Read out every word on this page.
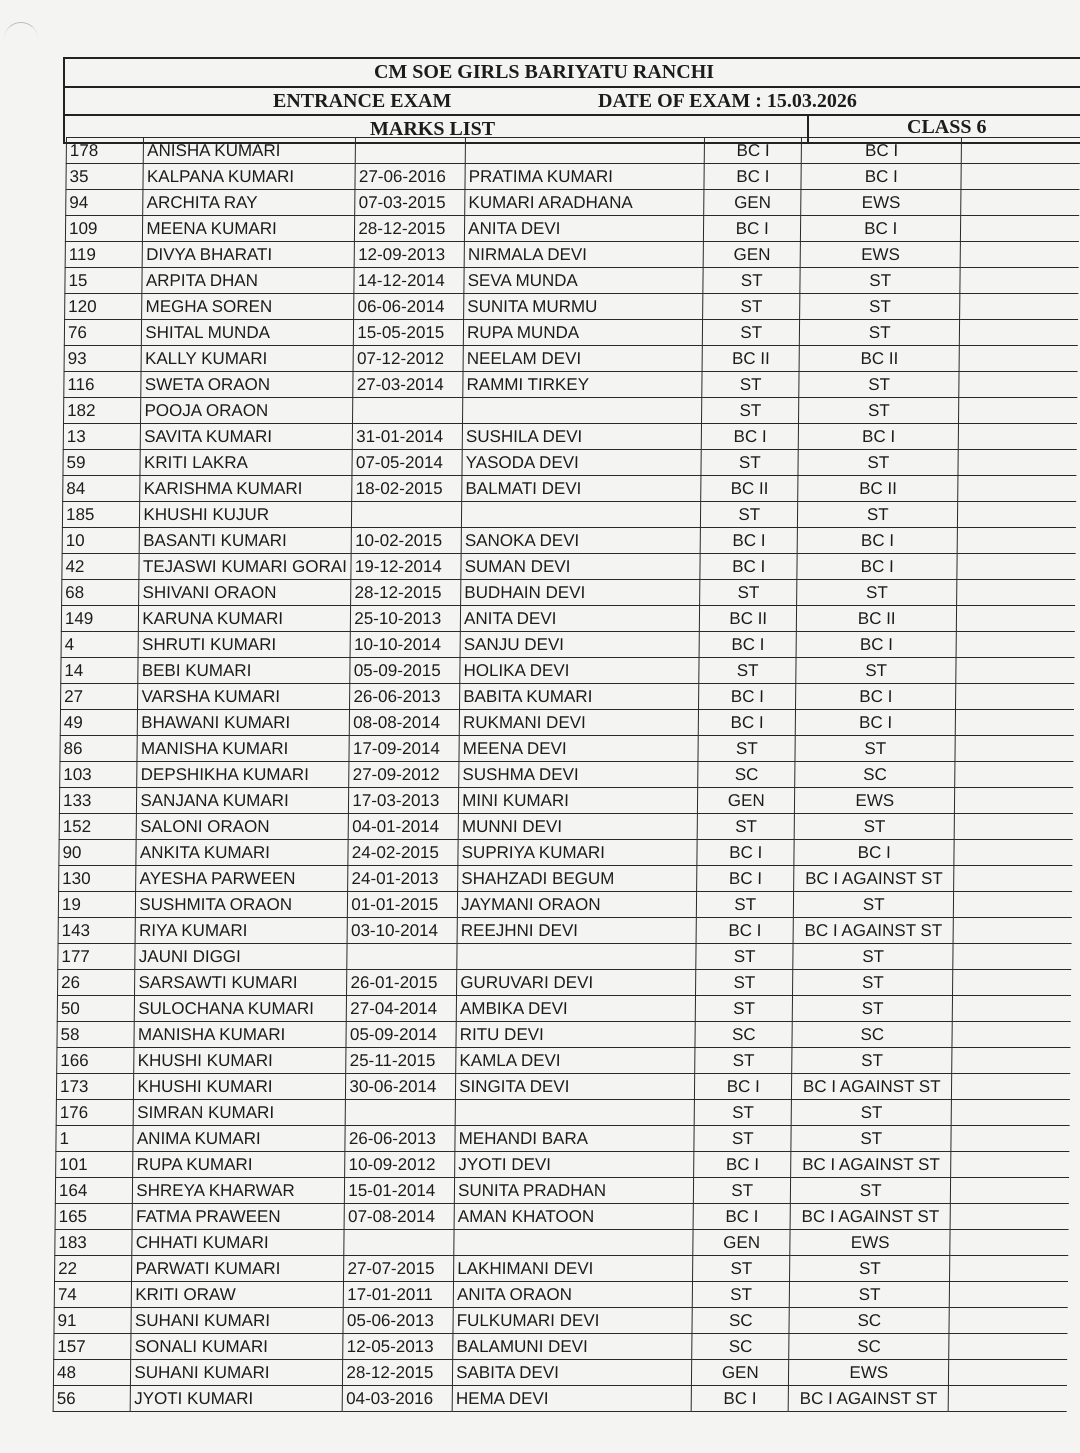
CM SOE GIRLS BARIYATU RANCHI
ENTRANCE EXAM	DATE OF EXAM : 15.03.2026
MARKS LIST	CLASS 6
178	ANISHA KUMARI			BC I	BC I	
35	KALPANA KUMARI	27-06-2016	PRATIMA KUMARI	BC I	BC I	
94	ARCHITA RAY	07-03-2015	KUMARI ARADHANA	GEN	EWS	
109	MEENA KUMARI	28-12-2015	ANITA DEVI	BC I	BC I	
119	DIVYA BHARATI	12-09-2013	NIRMALA DEVI	GEN	EWS	
15	ARPITA DHAN	14-12-2014	SEVA MUNDA	ST	ST	
120	MEGHA SOREN	06-06-2014	SUNITA MURMU	ST	ST	
76	SHITAL MUNDA	15-05-2015	RUPA MUNDA	ST	ST	
93	KALLY KUMARI	07-12-2012	NEELAM DEVI	BC II	BC II	
116	SWETA ORAON	27-03-2014	RAMMI TIRKEY	ST	ST	
182	POOJA ORAON			ST	ST	
13	SAVITA KUMARI	31-01-2014	SUSHILA DEVI	BC I	BC I	
59	KRITI LAKRA	07-05-2014	YASODA DEVI	ST	ST	
84	KARISHMA KUMARI	18-02-2015	BALMATI DEVI	BC II	BC II	
185	KHUSHI KUJUR			ST	ST	
10	BASANTI KUMARI	10-02-2015	SANOKA DEVI	BC I	BC I	
42	TEJASWI KUMARI GORAI	19-12-2014	SUMAN DEVI	BC I	BC I	
68	SHIVANI ORAON	28-12-2015	BUDHAIN DEVI	ST	ST	
149	KARUNA KUMARI	25-10-2013	ANITA DEVI	BC II	BC II	
4	SHRUTI KUMARI	10-10-2014	SANJU DEVI	BC I	BC I	
14	BEBI KUMARI	05-09-2015	HOLIKA DEVI	ST	ST	
27	VARSHA KUMARI	26-06-2013	BABITA KUMARI	BC I	BC I	
49	BHAWANI KUMARI	08-08-2014	RUKMANI DEVI	BC I	BC I	
86	MANISHA KUMARI	17-09-2014	MEENA DEVI	ST	ST	
103	DEPSHIKHA KUMARI	27-09-2012	SUSHMA DEVI	SC	SC	
133	SANJANA KUMARI	17-03-2013	MINI KUMARI	GEN	EWS	
152	SALONI ORAON	04-01-2014	MUNNI DEVI	ST	ST	
90	ANKITA KUMARI	24-02-2015	SUPRIYA KUMARI	BC I	BC I	
130	AYESHA PARWEEN	24-01-2013	SHAHZADI BEGUM	BC I	BC I AGAINST ST	
19	SUSHMITA ORAON	01-01-2015	JAYMANI ORAON	ST	ST	
143	RIYA KUMARI	03-10-2014	REEJHNI DEVI	BC I	BC I AGAINST ST	
177	JAUNI DIGGI			ST	ST	
26	SARSAWTI KUMARI	26-01-2015	GURUVARI DEVI	ST	ST	
50	SULOCHANA KUMARI	27-04-2014	AMBIKA DEVI	ST	ST	
58	MANISHA KUMARI	05-09-2014	RITU DEVI	SC	SC	
166	KHUSHI KUMARI	25-11-2015	KAMLA DEVI	ST	ST	
173	KHUSHI KUMARI	30-06-2014	SINGITA DEVI	BC I	BC I AGAINST ST	
176	SIMRAN KUMARI			ST	ST	
1	ANIMA KUMARI	26-06-2013	MEHANDI BARA	ST	ST	
101	RUPA KUMARI	10-09-2012	JYOTI DEVI	BC I	BC I AGAINST ST	
164	SHREYA KHARWAR	15-01-2014	SUNITA PRADHAN	ST	ST	
165	FATMA PRAWEEN	07-08-2014	AMAN KHATOON	BC I	BC I AGAINST ST	
183	CHHATI KUMARI			GEN	EWS	
22	PARWATI KUMARI	27-07-2015	LAKHIMANI DEVI	ST	ST	
74	KRITI ORAW	17-01-2011	ANITA ORAON	ST	ST	
91	SUHANI KUMARI	05-06-2013	FULKUMARI DEVI	SC	SC	
157	SONALI KUMARI	12-05-2013	BALAMUNI DEVI	SC	SC	
48	SUHANI KUMARI	28-12-2015	SABITA DEVI	GEN	EWS	
56	JYOTI KUMARI	04-03-2016	HEMA DEVI	BC I	BC I AGAINST ST	
